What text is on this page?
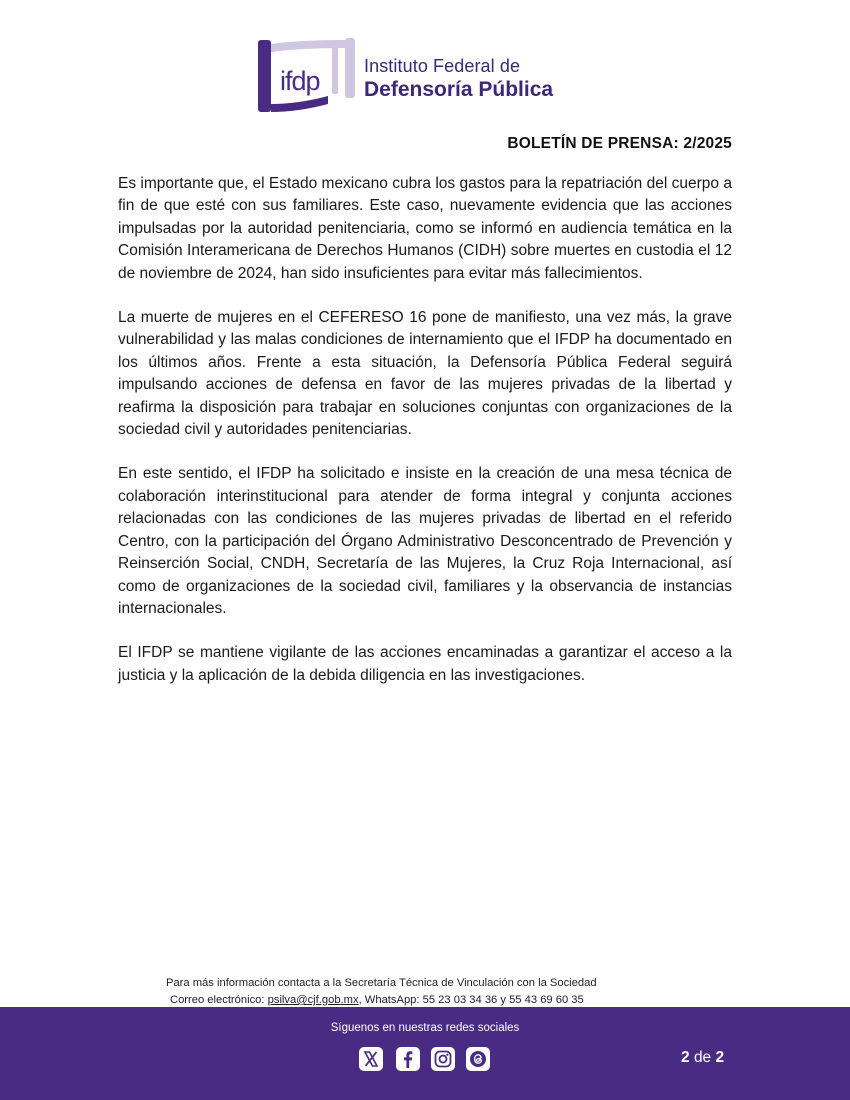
ifdp Instituto Federal de
Defensoría Pública
BOLETÍN DE PRENSA: 2/2025

Es importante que, el Estado mexicano cubra los gastos para la repatriación del cuerpo a fin de que esté con sus familiares. Este caso, nuevamente evidencia que las acciones impulsadas por la autoridad penitenciaria, como se informó en audiencia temática en la Comisión Interamericana de Derechos Humanos (CIDH) sobre muertes en custodia el 12 de noviembre de 2024, han sido insuficientes para evitar más fallecimientos.

La muerte de mujeres en el CEFERESO 16 pone de manifiesto, una vez más, la grave vulnerabilidad y las malas condiciones de internamiento que el IFDP ha documentado en los últimos años. Frente a esta situación, la Defensoría Pública Federal seguirá impulsando acciones de defensa en favor de las mujeres privadas de la libertad y reafirma la disposición para trabajar en soluciones conjuntas con organizaciones de la sociedad civil y autoridades penitenciarias.

En este sentido, el IFDP ha solicitado e insiste en la creación de una mesa técnica de colaboración interinstitucional para atender de forma integral y conjunta acciones relacionadas con las condiciones de las mujeres privadas de libertad en el referido Centro, con la participación del Órgano Administrativo Desconcentrado de Prevención y Reinserción Social, CNDH, Secretaría de las Mujeres, la Cruz Roja Internacional, así como de organizaciones de la sociedad civil, familiares y la observancia de instancias internacionales.

El IFDP se mantiene vigilante de las acciones encaminadas a garantizar el acceso a la justicia y la aplicación de la debida diligencia en las investigaciones.

Para más información contacta a la Secretaría Técnica de Vinculación con la Sociedad
Correo electrónico: psilva@cjf.gob.mx, WhatsApp: 55 23 03 34 36 y 55 43 69 60 35
Síguenos en nuestras redes sociales
2 de 2
